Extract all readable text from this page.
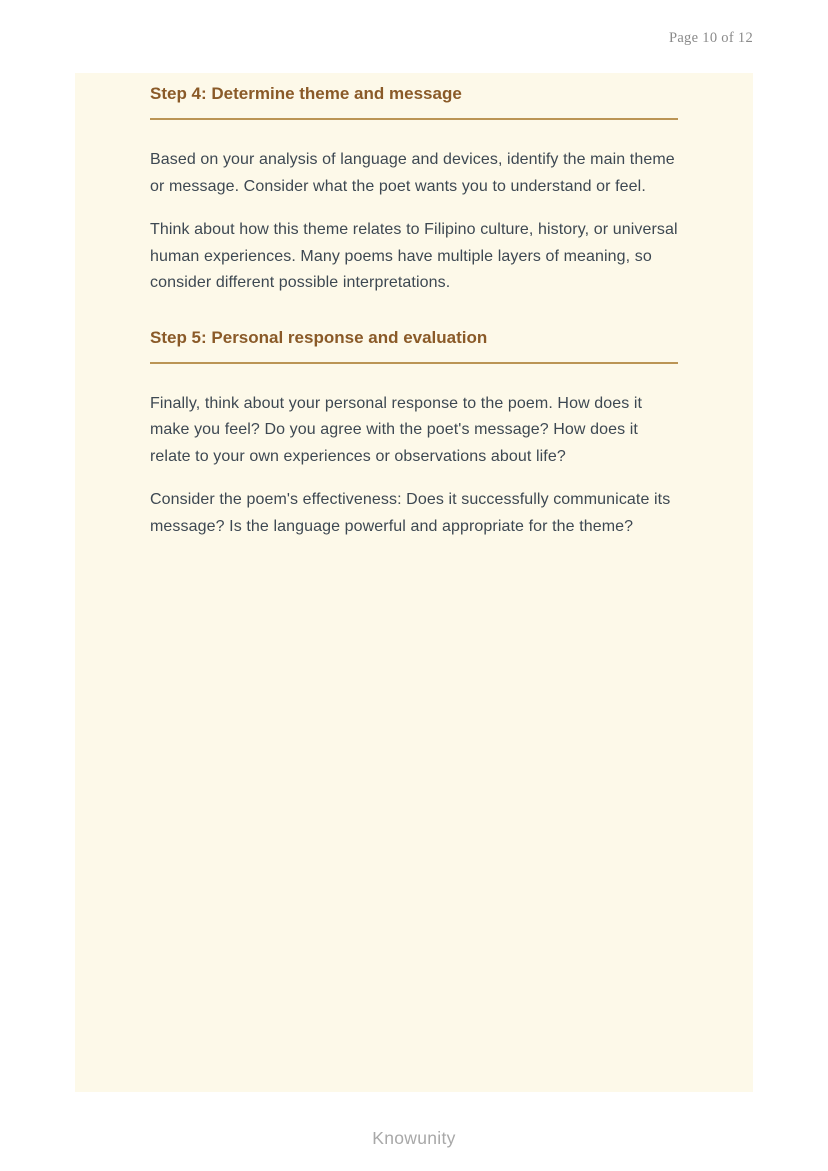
Page 10 of 12
Step 4: Determine theme and message

Based on your analysis of language and devices, identify the main theme or message. Consider what the poet wants you to understand or feel.

Think about how this theme relates to Filipino culture, history, or universal human experiences. Many poems have multiple layers of meaning, so consider different possible interpretations.

Step 5: Personal response and evaluation

Finally, think about your personal response to the poem. How does it make you feel? Do you agree with the poet's message? How does it relate to your own experiences or observations about life?

Consider the poem's effectiveness: Does it successfully communicate its message? Is the language powerful and appropriate for the theme?

Knowunity
